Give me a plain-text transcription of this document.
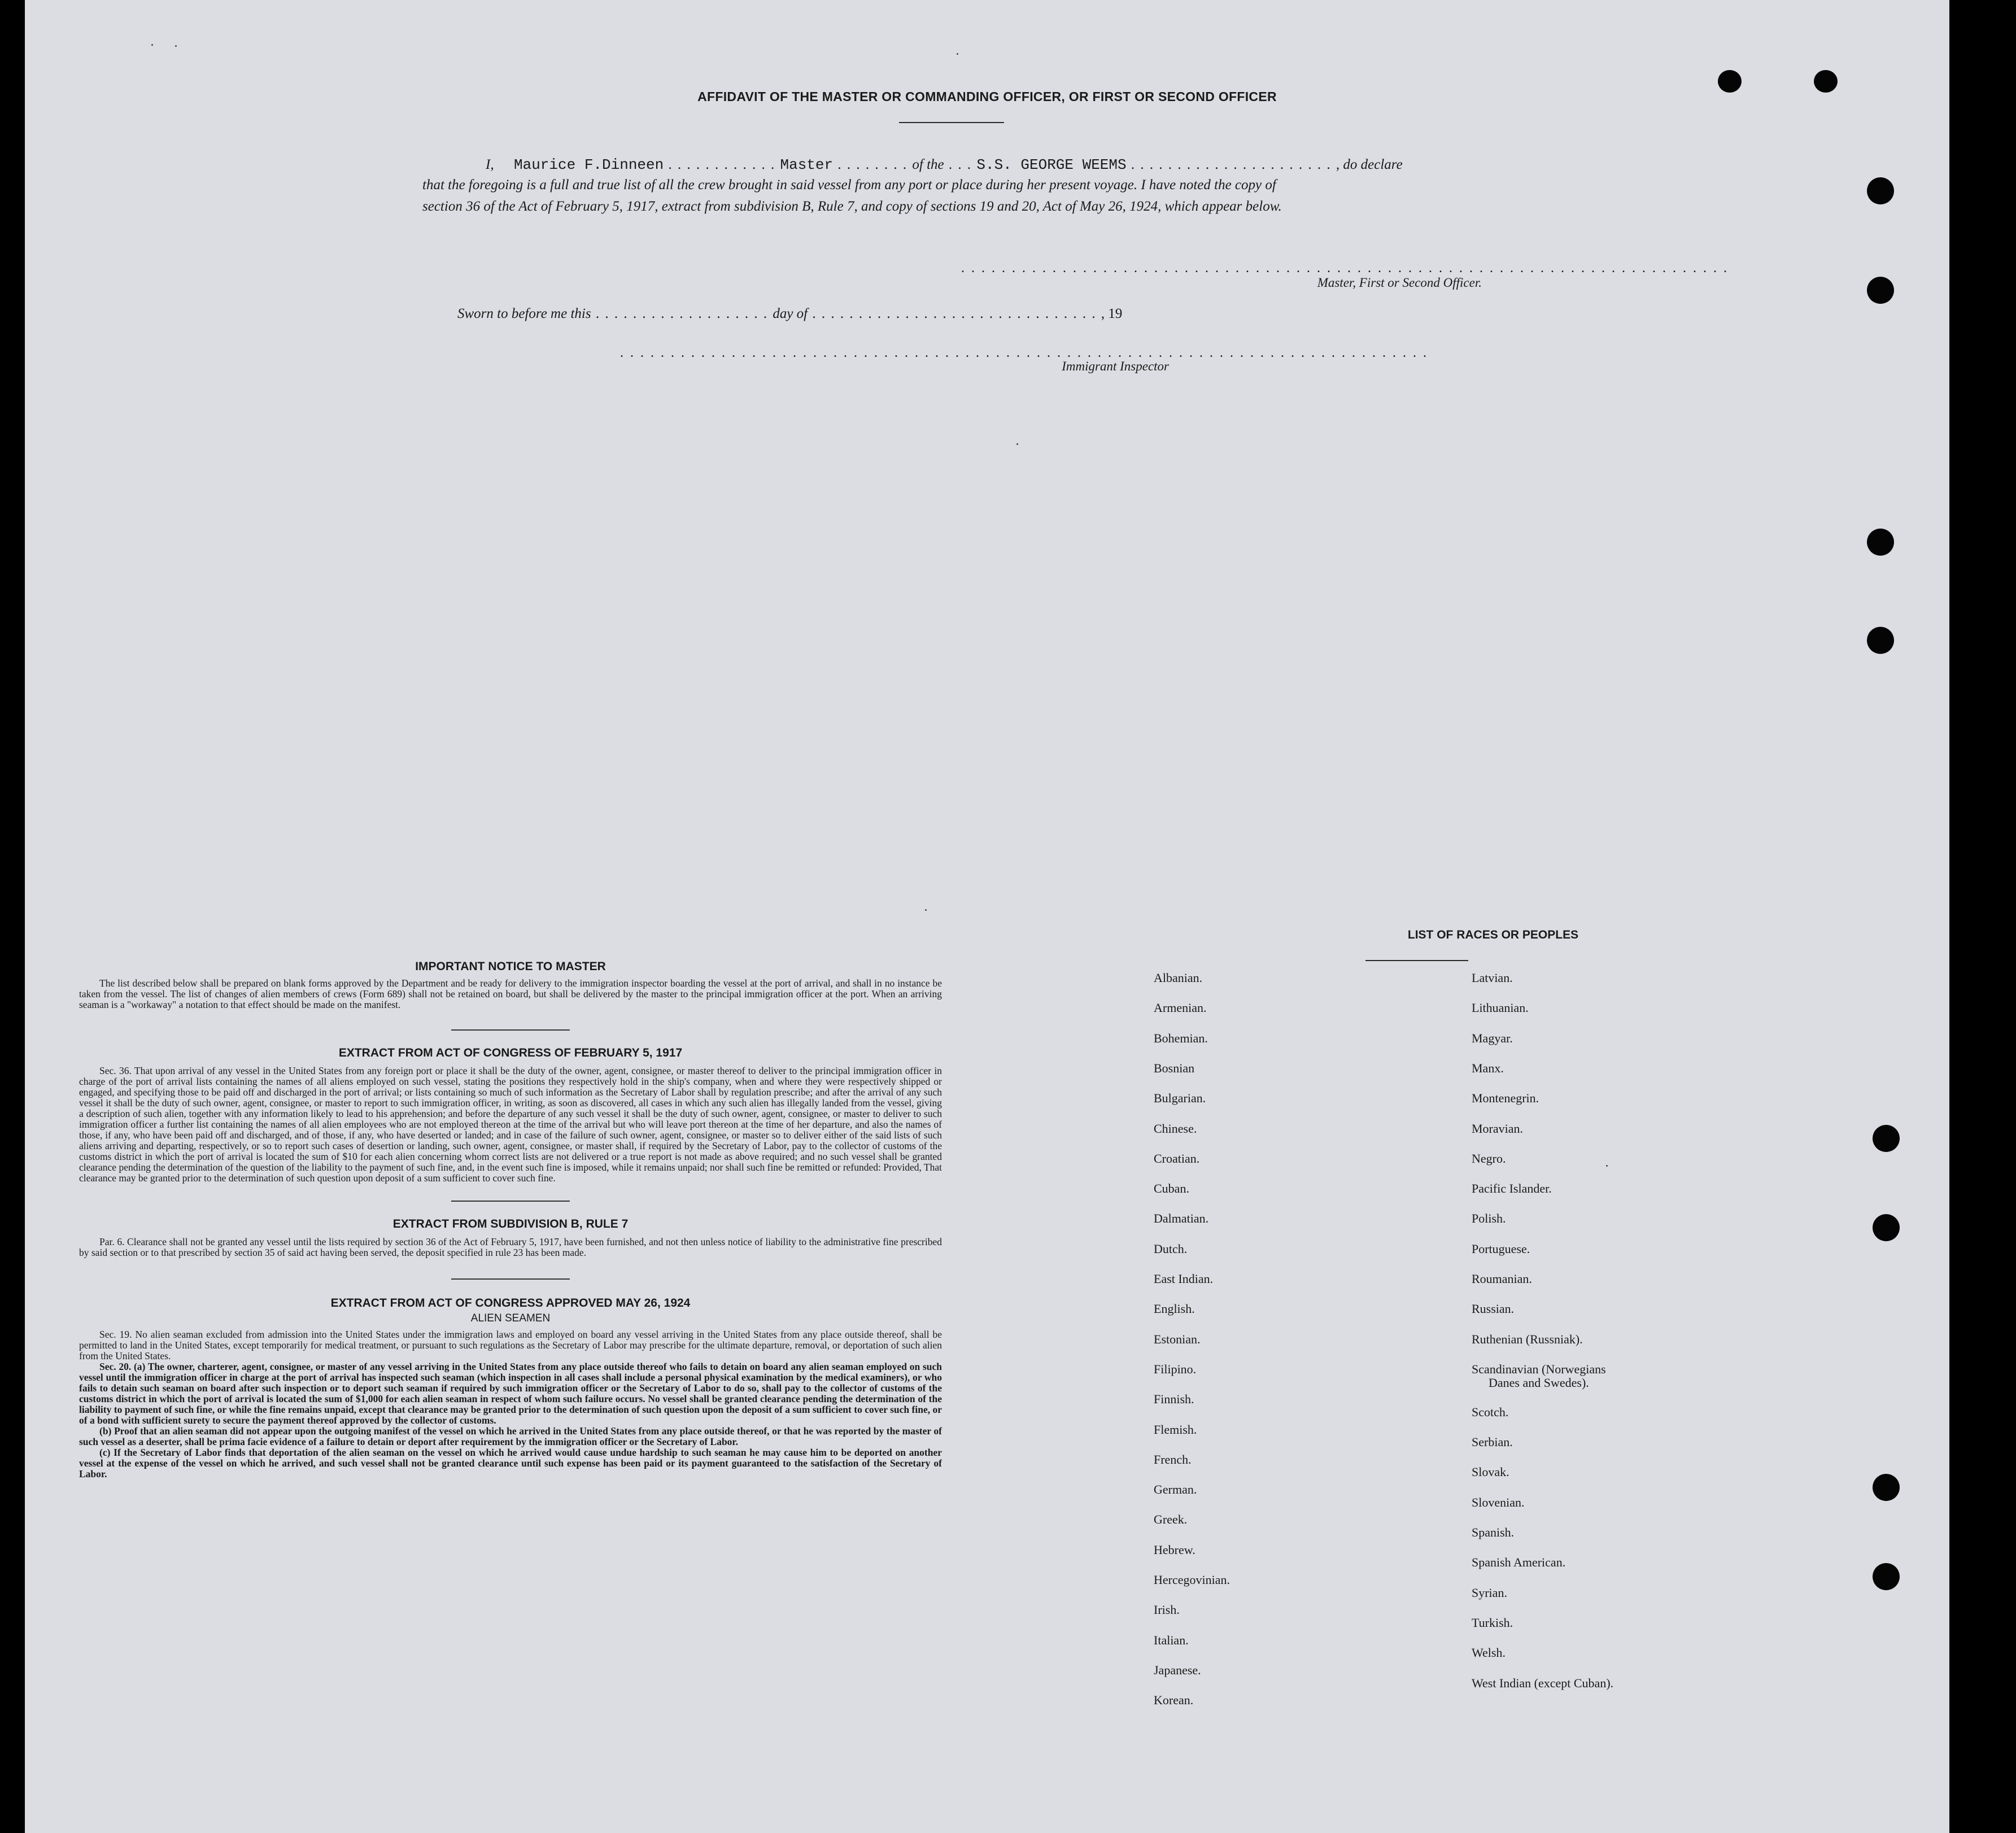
AFFIDAVIT OF THE MASTER OR COMMANDING OFFICER, OR FIRST OR SECOND OFFICER
I, Maurice F.Dinneen . . . . . . . . . . . . Master . . . . . . . . of the . . . S.S. GEORGE WEEMS . . . . . . . . . . . . . . . . . . . . . . , do declare
that the foregoing is a full and true list of all the crew brought in said vessel from any port or place during her present voyage. I have noted the copy of
section 36 of the Act of February 5, 1917, extract from subdivision B, Rule 7, and copy of sections 19 and 20, Act of May 26, 1924, which appear below.
. . . . . . . . . . . . . . . . . . . . . . . . . . . . . . . . . . . . . . . . . . . . . . . . . . . . . . . . . . . . . . . . . . . . . . . . . . . .
Master, First or Second Officer.
Sworn to before me this . . . . . . . . . . . . . . . . . . . day of . . . . . . . . . . . . . . . . . . . . . . . . . . . . . . . , 19
. . . . . . . . . . . . . . . . . . . . . . . . . . . . . . . . . . . . . . . . . . . . . . . . . . . . . . . . . . . . . . . . . . . . . . . . . . . . . . . .
Immigrant Inspector
IMPORTANT NOTICE TO MASTER
The list described below shall be prepared on blank forms approved by the Department and be ready for delivery to the immigration inspector boarding the vessel at the port of arrival, and shall in no instance be taken from the vessel. The list of changes of alien members of crews (Form 689) shall not be retained on board, but shall be delivered by the master to the principal immigration officer at the port. When an arriving seaman is a "workaway" a notation to that effect should be made on the manifest.
EXTRACT FROM ACT OF CONGRESS OF FEBRUARY 5, 1917
Sec. 36. That upon arrival of any vessel in the United States from any foreign port or place it shall be the duty of the owner, agent, consignee, or master thereof to deliver to the principal immigration officer in charge of the port of arrival lists containing the names of all aliens employed on such vessel, stating the positions they respectively hold in the ship's company, when and where they were respectively shipped or engaged, and specifying those to be paid off and discharged in the port of arrival; or lists containing so much of such information as the Secretary of Labor shall by regulation prescribe; and after the arrival of any such vessel it shall be the duty of such owner, agent, consignee, or master to report to such immigration officer, in writing, as soon as discovered, all cases in which any such alien has illegally landed from the vessel, giving a description of such alien, together with any information likely to lead to his apprehension; and before the departure of any such vessel it shall be the duty of such owner, agent, consignee, or master to deliver to such immigration officer a further list containing the names of all alien employees who are not employed thereon at the time of the arrival but who will leave port thereon at the time of her departure, and also the names of those, if any, who have been paid off and discharged, and of those, if any, who have deserted or landed; and in case of the failure of such owner, agent, consignee, or master so to deliver either of the said lists of such aliens arriving and departing, respectively, or so to report such cases of desertion or landing, such owner, agent, consignee, or master shall, if required by the Secretary of Labor, pay to the collector of customs of the customs district in which the port of arrival is located the sum of $10 for each alien concerning whom correct lists are not delivered or a true report is not made as above required; and no such vessel shall be granted clearance pending the determination of the question of the liability to the payment of such fine, and, in the event such fine is imposed, while it remains unpaid; nor shall such fine be remitted or refunded: Provided, That clearance may be granted prior to the determination of such question upon deposit of a sum sufficient to cover such fine.
EXTRACT FROM SUBDIVISION B, RULE 7
Par. 6. Clearance shall not be granted any vessel until the lists required by section 36 of the Act of February 5, 1917, have been furnished, and not then unless notice of liability to the administrative fine prescribed by said section or to that prescribed by section 35 of said act having been served, the deposit specified in rule 23 has been made.
EXTRACT FROM ACT OF CONGRESS APPROVED MAY 26, 1924
ALIEN SEAMEN
Sec. 19. No alien seaman excluded from admission into the United States under the immigration laws and employed on board any vessel arriving in the United States from any place outside thereof, shall be permitted to land in the United States, except temporarily for medical treatment, or pursuant to such regulations as the Secretary of Labor may prescribe for the ultimate departure, removal, or deportation of such alien from the United States.
Sec. 20. (a) The owner, charterer, agent, consignee, or master of any vessel arriving in the United States from any place outside thereof who fails to detain on board any alien seaman employed on such vessel until the immigration officer in charge at the port of arrival has inspected such seaman (which inspection in all cases shall include a personal physical examination by the medical examiners), or who fails to detain such seaman on board after such inspection or to deport such seaman if required by such immigration officer or the Secretary of Labor to do so, shall pay to the collector of customs of the customs district in which the port of arrival is located the sum of $1,000 for each alien seaman in respect of whom such failure occurs. No vessel shall be granted clearance pending the determination of the liability to payment of such fine, or while the fine remains unpaid, except that clearance may be granted prior to the determination of such question upon the deposit of a sum sufficient to cover such fine, or of a bond with sufficient surety to secure the payment thereof approved by the collector of customs.
(b) Proof that an alien seaman did not appear upon the outgoing manifest of the vessel on which he arrived in the United States from any place outside thereof, or that he was reported by the master of such vessel as a deserter, shall be prima facie evidence of a failure to detain or deport after requirement by the immigration officer or the Secretary of Labor.
(c) If the Secretary of Labor finds that deportation of the alien seaman on the vessel on which he arrived would cause undue hardship to such seaman he may cause him to be deported on another vessel at the expense of the vessel on which he arrived, and such vessel shall not be granted clearance until such expense has been paid or its payment guaranteed to the satisfaction of the Secretary of Labor.
LIST OF RACES OR PEOPLES
Albanian.
Armenian.
Bohemian.
Bosnian
Bulgarian.
Chinese.
Croatian.
Cuban.
Dalmatian.
Dutch.
East Indian.
English.
Estonian.
Filipino.
Finnish.
Flemish.
French.
German.
Greek.
Hebrew.
Hercegovinian.
Irish.
Italian.
Japanese.
Korean.
Latvian.
Lithuanian.
Magyar.
Manx.
Montenegrin.
Moravian.
Negro.
Pacific Islander.
Polish.
Portuguese.
Roumanian.
Russian.
Ruthenian (Russniak).
Scandinavian (Norwegians
Danes and Swedes).
Scotch.
Serbian.
Slovak.
Slovenian.
Spanish.
Spanish American.
Syrian.
Turkish.
Welsh.
West Indian (except Cuban).
